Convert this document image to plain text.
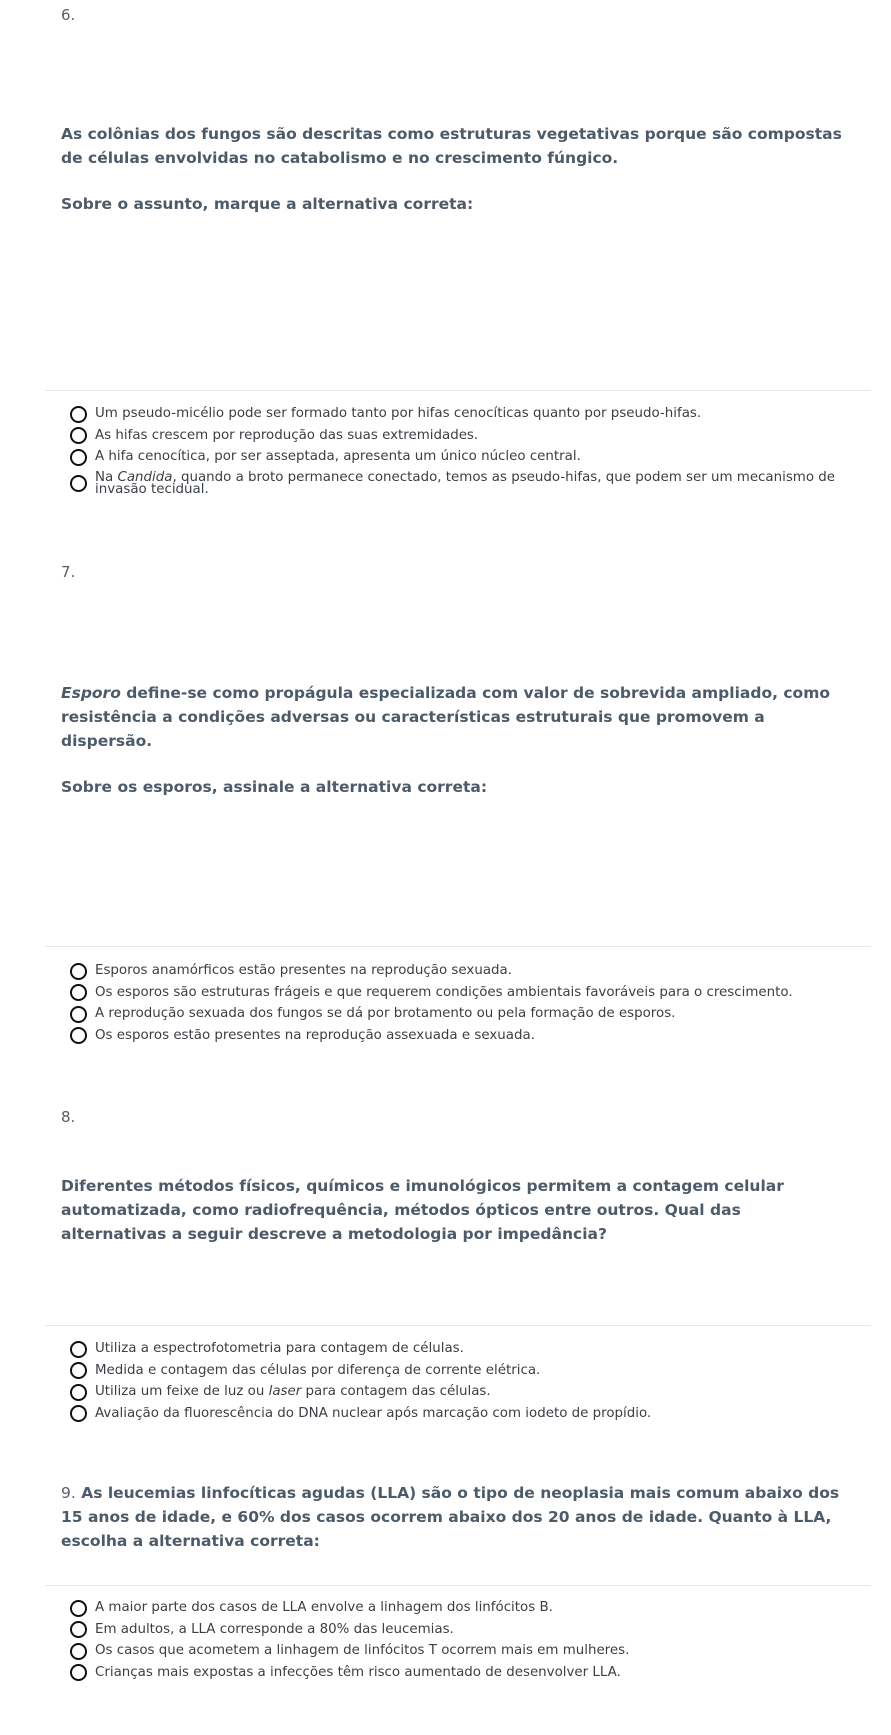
6.

As colônias dos fungos são descritas como estruturas vegetativas porque são compostas de células envolvidas no catabolismo e no crescimento fúngico.

Sobre o assunto, marque a alternativa correta:

Um pseudo-micélio pode ser formado tanto por hifas cenocíticas quanto por pseudo-hifas.
As hifas crescem por reprodução das suas extremidades.
A hifa cenocítica, por ser asseptada, apresenta um único núcleo central.
Na Candida, quando a broto permanece conectado, temos as pseudo-hifas, que podem ser um mecanismo de invasão tecidual.
7.

Esporo define-se como propágula especializada com valor de sobrevida ampliado, como resistência a condições adversas ou características estruturais que promovem a dispersão.

Sobre os esporos, assinale a alternativa correta:

Esporos anamórficos estão presentes na reprodução sexuada.
Os esporos são estruturas frágeis e que requerem condições ambientais favoráveis para o crescimento.
A reprodução sexuada dos fungos se dá por brotamento ou pela formação de esporos.
Os esporos estão presentes na reprodução assexuada e sexuada.
8.

Diferentes métodos físicos, químicos e imunológicos permitem a contagem celular automatizada, como radiofrequência, métodos ópticos entre outros. Qual das alternativas a seguir descreve a metodologia por impedância?

Utiliza a espectrofotometria para contagem de células.
Medida e contagem das células por diferença de corrente elétrica.
Utiliza um feixe de luz ou laser para contagem das células.
Avaliação da fluorescência do DNA nuclear após marcação com iodeto de propídio.

9. As leucemias linfocíticas agudas (LLA) são o tipo de neoplasia mais comum abaixo dos 15 anos de idade, e 60% dos casos ocorrem abaixo dos 20 anos de idade. Quanto à LLA, escolha a alternativa correta:

A maior parte dos casos de LLA envolve a linhagem dos linfócitos B.
Em adultos, a LLA corresponde a 80% das leucemias.
Os casos que acometem a linhagem de linfócitos T ocorrem mais em mulheres.
Crianças mais expostas a infecções têm risco aumentado de desenvolver LLA.
